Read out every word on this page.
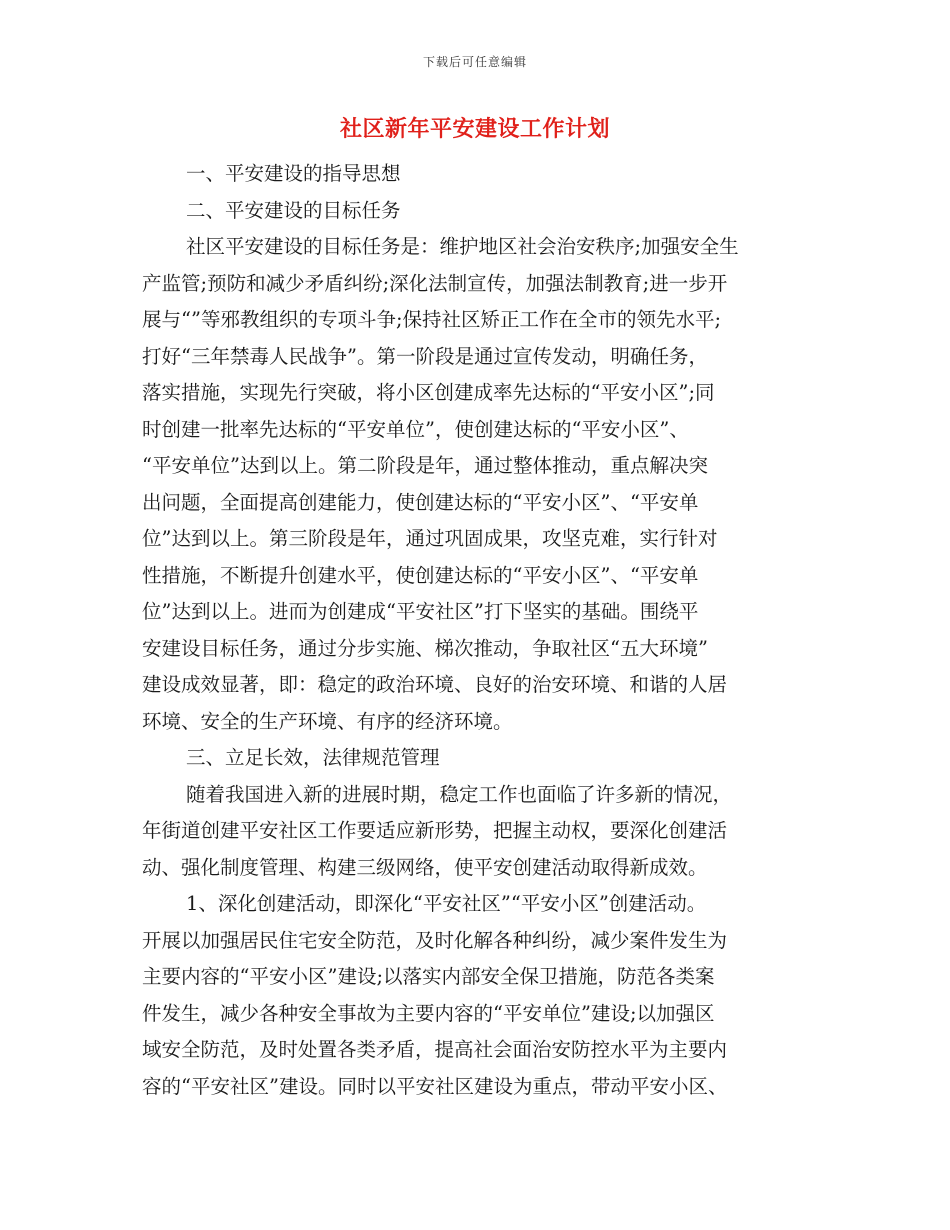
下载后可任意编辑
社区新年平安建设工作计划
一、平安建设的指导思想
二、平安建设的目标任务
社区平安建设的目标任务是：维护地区社会治安秩序;加强安全生
产监管;预防和减少矛盾纠纷;深化法制宣传，加强法制教育;进一步开
展与“”等邪教组织的专项斗争;保持社区矫正工作在全市的领先水平;
打好“三年禁毒人民战争”。第一阶段是通过宣传发动，明确任务，
落实措施，实现先行突破，将小区创建成率先达标的“平安小区”;同
时创建一批率先达标的“平安单位”，使创建达标的“平安小区”、
“平安单位”达到以上。第二阶段是年，通过整体推动，重点解决突
出问题，全面提高创建能力，使创建达标的“平安小区”、“平安单
位”达到以上。第三阶段是年，通过巩固成果，攻坚克难，实行针对
性措施，不断提升创建水平，使创建达标的“平安小区”、“平安单
位”达到以上。进而为创建成“平安社区”打下坚实的基础。围绕平
安建设目标任务，通过分步实施、梯次推动，争取社区“五大环境”
建设成效显著，即：稳定的政治环境、良好的治安环境、和谐的人居
环境、安全的生产环境、有序的经济环境。
三、立足长效，法律规范管理
随着我国进入新的进展时期，稳定工作也面临了许多新的情况，
年街道创建平安社区工作要适应新形势，把握主动权，要深化创建活
动、强化制度管理、构建三级网络，使平安创建活动取得新成效。
1、深化创建活动，即深化“平安社区”“平安小区”创建活动。
开展以加强居民住宅安全防范，及时化解各种纠纷，减少案件发生为
主要内容的“平安小区”建设;以落实内部安全保卫措施，防范各类案
件发生，减少各种安全事故为主要内容的“平安单位”建设;以加强区
域安全防范，及时处置各类矛盾，提高社会面治安防控水平为主要内
容的“平安社区”建设。同时以平安社区建设为重点，带动平安小区、
